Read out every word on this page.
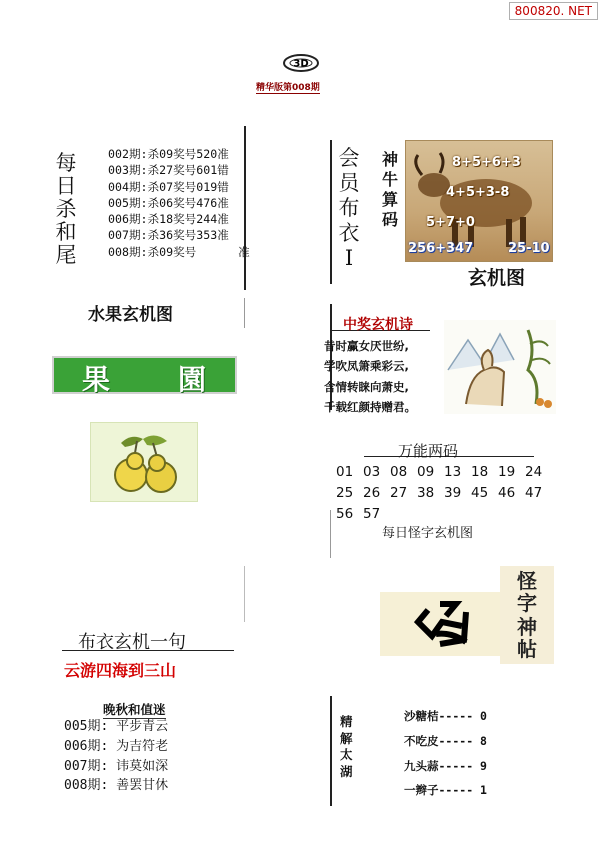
800820. NET
3D
精华版第008期
每日杀和尾
002期:杀09奖号520准
003期:杀27奖号601错
004期:杀07奖号019错
005期:杀06奖号476准
006期:杀18奖号244准
007期:杀36奖号353准
008期:杀09奖号      准
水果玄机图
果 園
布衣玄机一句
云游四海到三山
晚秋和值迷
005期: 平步青云
006期: 为吉符老
007期: 讳莫如深
008期: 善罢甘休
会员布衣I
神牛算码
8+5+6+3
4+5+3-8
5+7+0
256+347	25-10
玄机图
中奖玄机诗
昔时赢女厌世纷,
学吹凤箫乘彩云,
含情转睐向萧史,
千载红颜持赠君。
万能两码
01 03 08 09 13 18 19 2425 26 27 38 39 45 46 4756 57
每日怪字玄机图
怪
字
神
帖
精解太湖
沙糖桔----- 0
不吃皮----- 8
九头蒜----- 9
一辫子----- 1
